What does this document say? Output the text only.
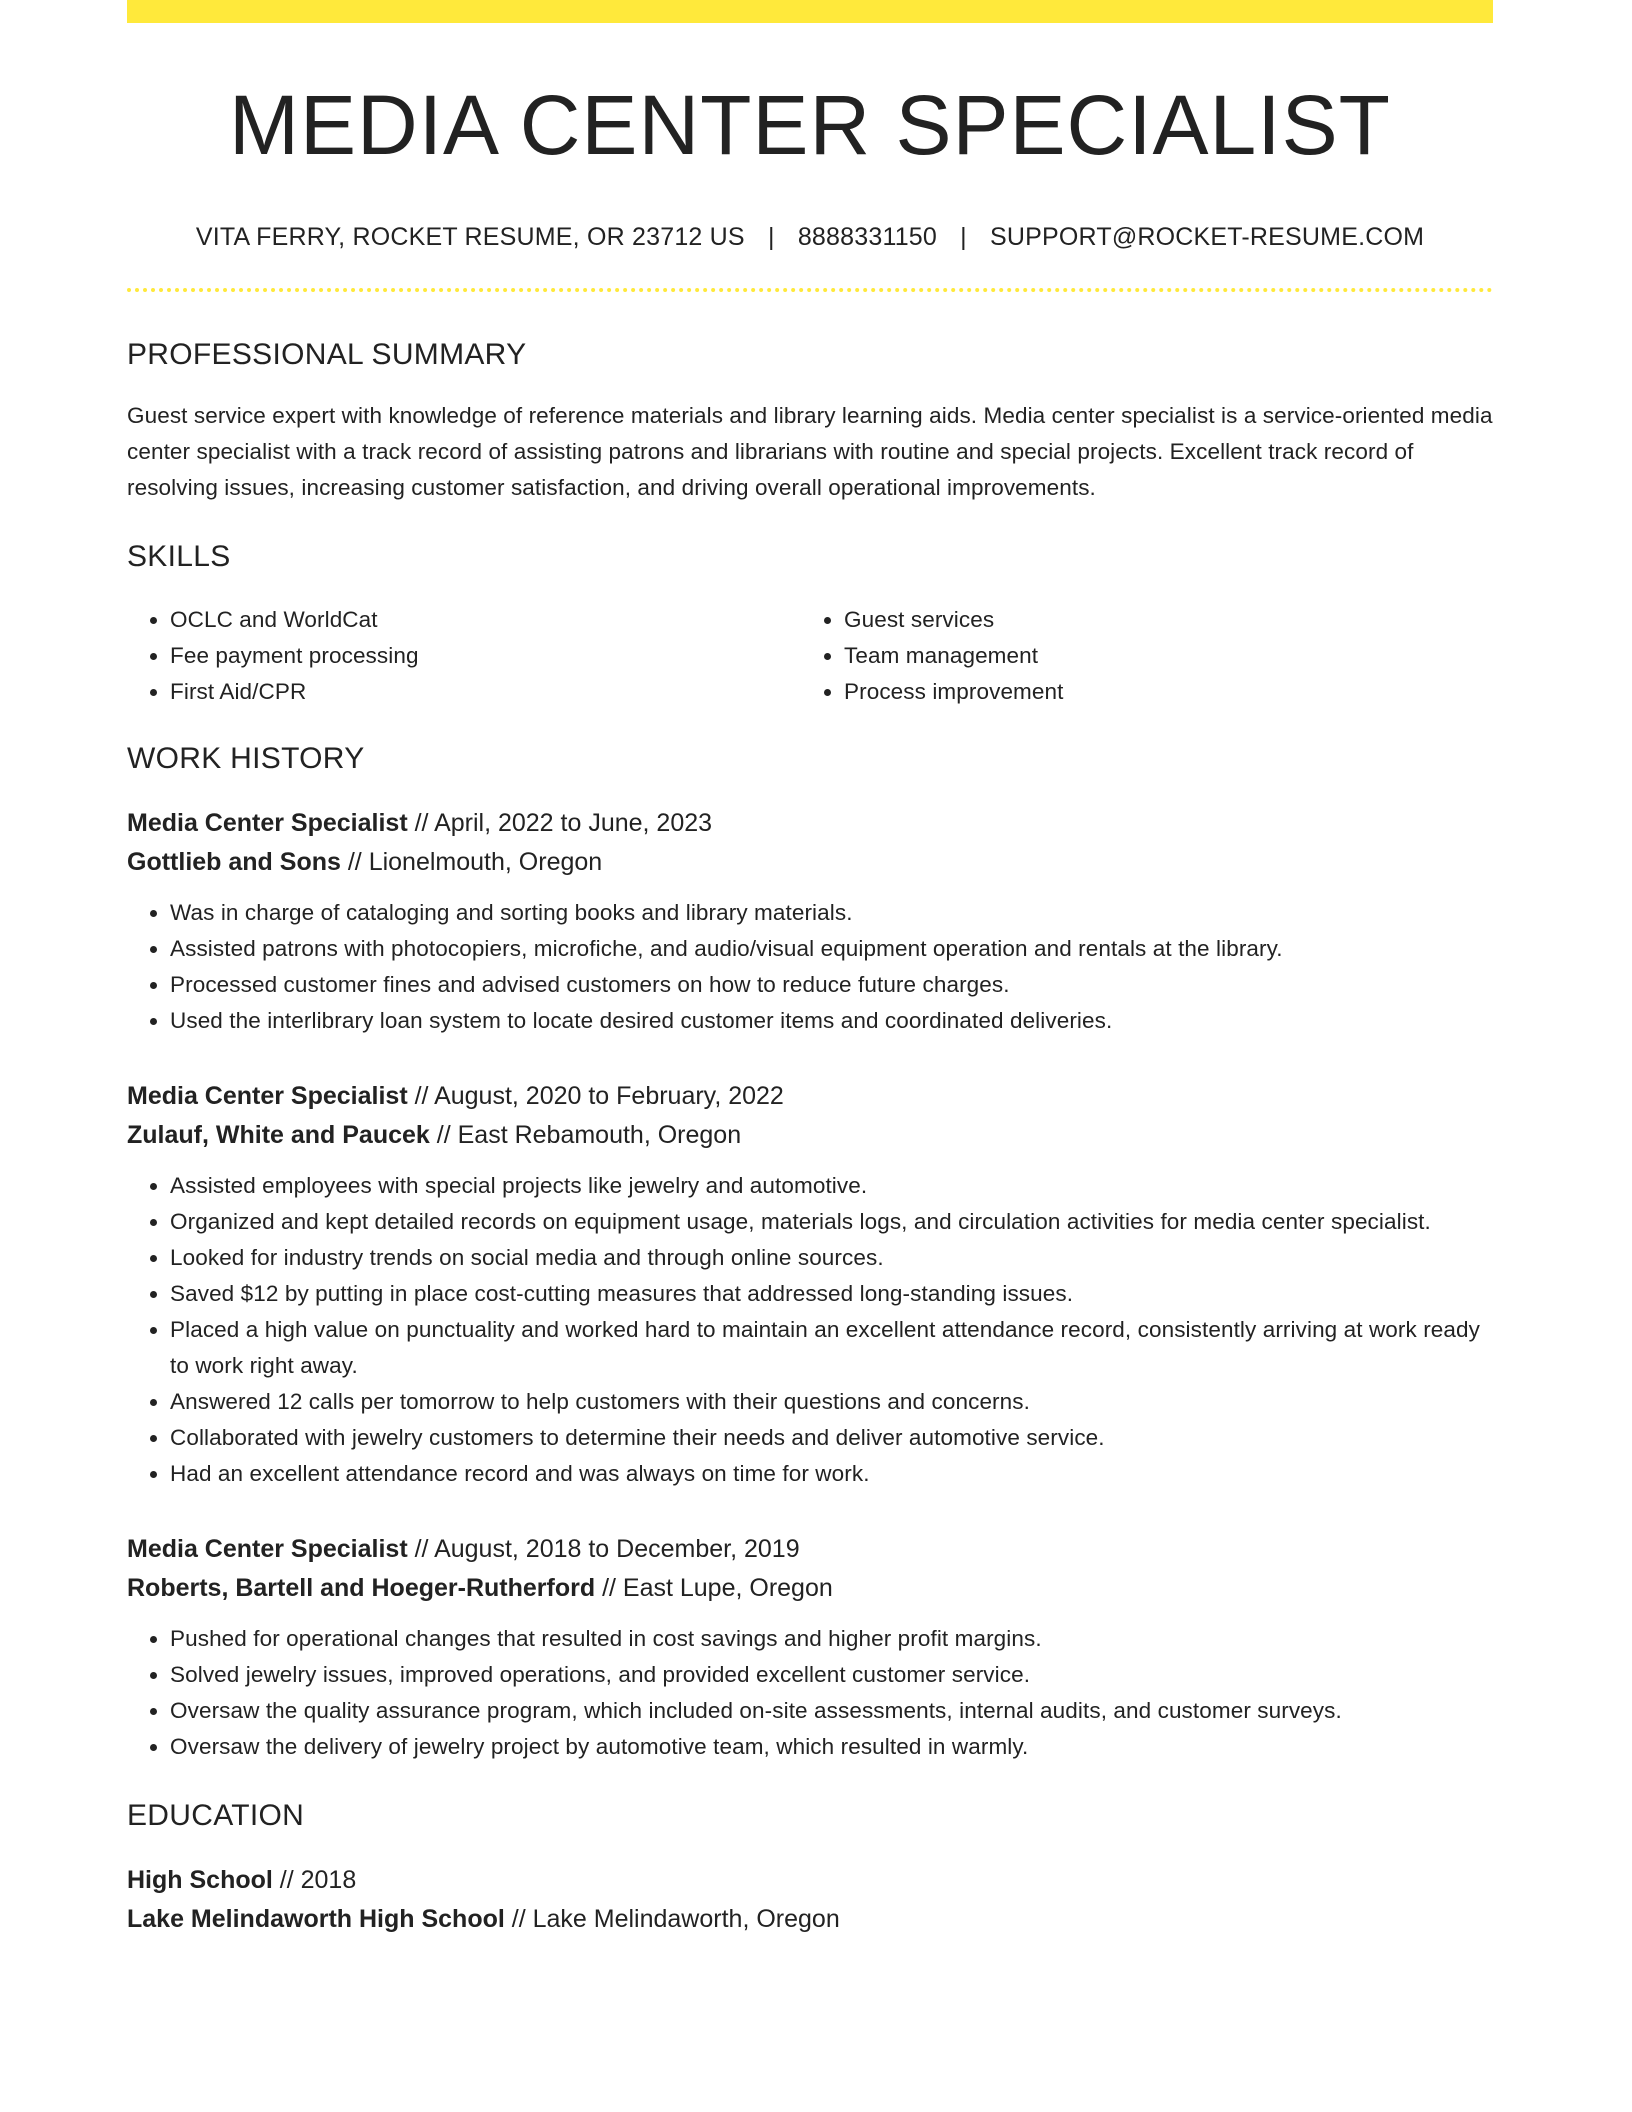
MEDIA CENTER SPECIALIST
VITA FERRY, ROCKET RESUME, OR 23712 US | 8888331150 | SUPPORT@ROCKET-RESUME.COM
PROFESSIONAL SUMMARY

Guest service expert with knowledge of reference materials and library learning aids. Media center specialist is a service-oriented media center specialist with a track record of assisting patrons and librarians with routine and special projects. Excellent track record of resolving issues, increasing customer satisfaction, and driving overall operational improvements.

SKILLS
• OCLC and WorldCat
• Fee payment processing
• First Aid/CPR
• Guest services
• Team management
• Process improvement
WORK HISTORY
Media Center Specialist // April, 2022 to June, 2023
Gottlieb and Sons // Lionelmouth, Oregon
• Was in charge of cataloging and sorting books and library materials.
• Assisted patrons with photocopiers, microfiche, and audio/visual equipment operation and rentals at the library.
• Processed customer fines and advised customers on how to reduce future charges.
• Used the interlibrary loan system to locate desired customer items and coordinated deliveries.
Media Center Specialist // August, 2020 to February, 2022
Zulauf, White and Paucek // East Rebamouth, Oregon
• Assisted employees with special projects like jewelry and automotive.
• Organized and kept detailed records on equipment usage, materials logs, and circulation activities for media center specialist.
• Looked for industry trends on social media and through online sources.
• Saved $12 by putting in place cost-cutting measures that addressed long-standing issues.
• Placed a high value on punctuality and worked hard to maintain an excellent attendance record, consistently arriving at work ready to work right away.
• Answered 12 calls per tomorrow to help customers with their questions and concerns.
• Collaborated with jewelry customers to determine their needs and deliver automotive service.
• Had an excellent attendance record and was always on time for work.
Media Center Specialist // August, 2018 to December, 2019
Roberts, Bartell and Hoeger-Rutherford // East Lupe, Oregon
• Pushed for operational changes that resulted in cost savings and higher profit margins.
• Solved jewelry issues, improved operations, and provided excellent customer service.
• Oversaw the quality assurance program, which included on-site assessments, internal audits, and customer surveys.
• Oversaw the delivery of jewelry project by automotive team, which resulted in warmly.
EDUCATION
High School // 2018
Lake Melindaworth High School // Lake Melindaworth, Oregon
